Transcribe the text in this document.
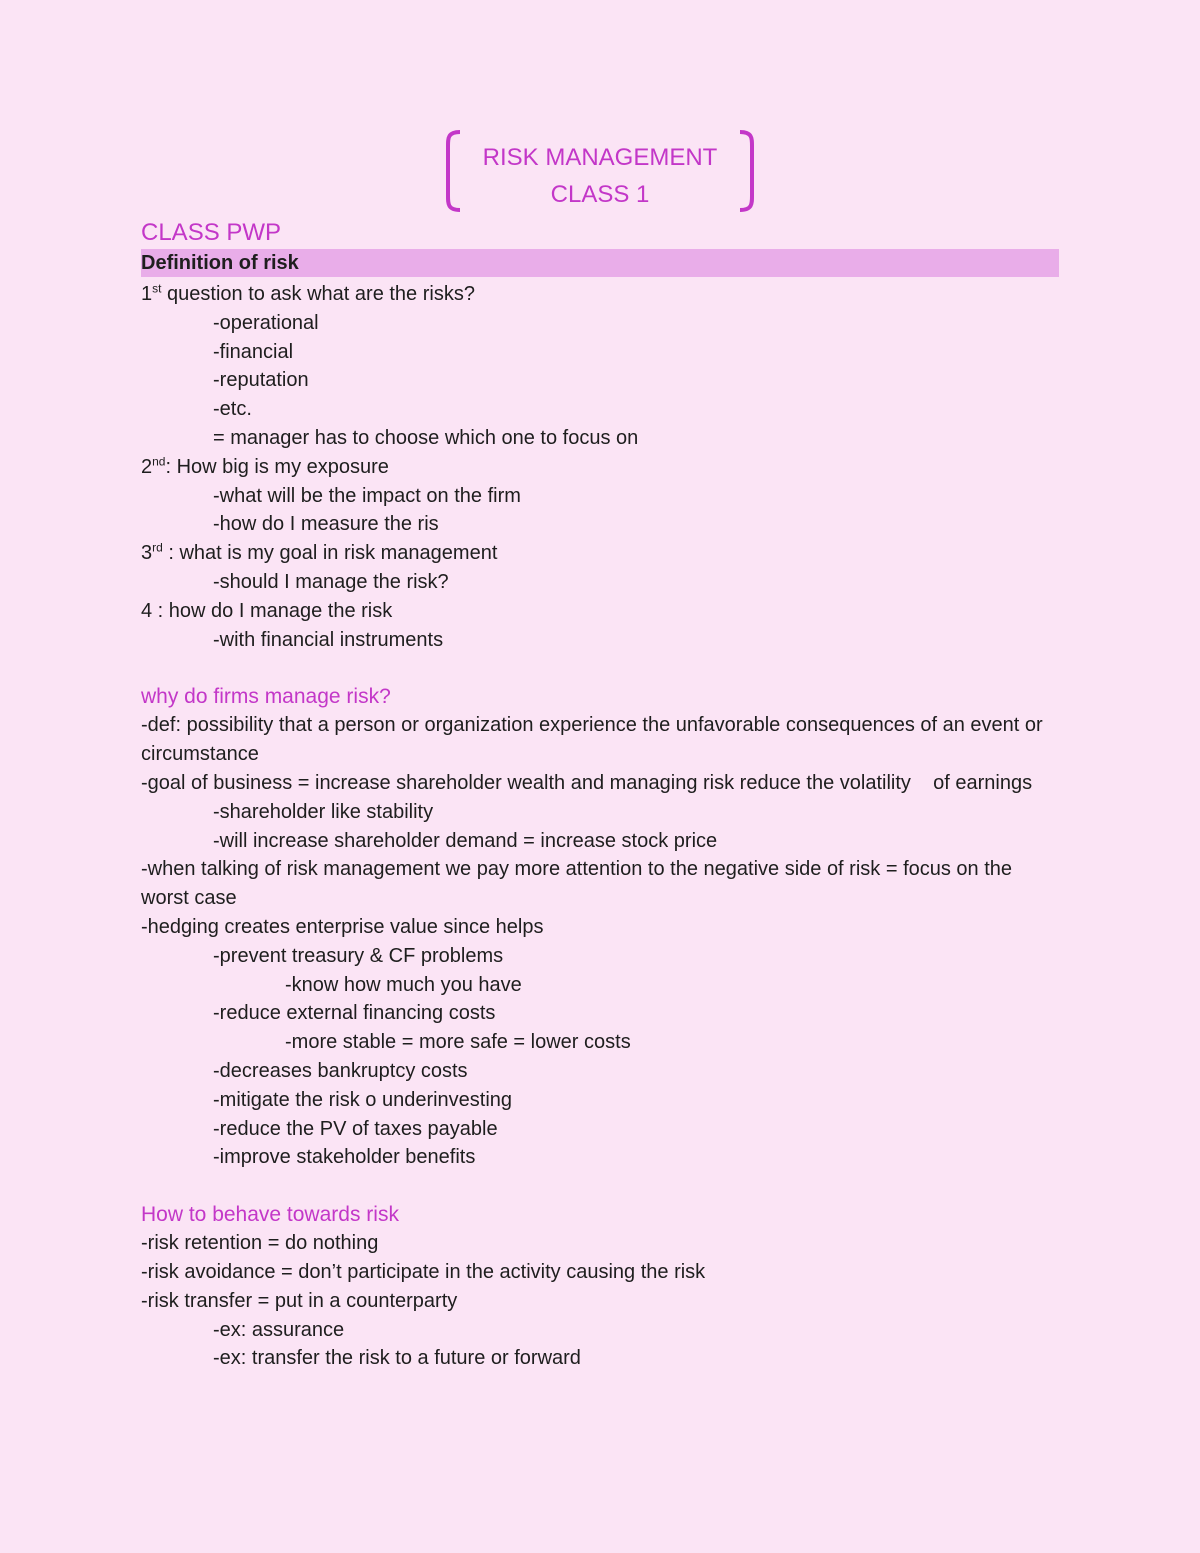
RISK MANAGEMENT
CLASS 1
CLASS PWP
Definition of risk
1st question to ask what are the risks?
-operational
-financial
-reputation
-etc.
= manager has to choose which one to focus on
2nd: How big is my exposure
-what will be the impact on the firm
-how do I measure the ris
3rd : what is my goal in risk management
-should I manage the risk?
4 : how do I manage the risk
-with financial instruments
why do firms manage risk?
-def: possibility that a person or organization experience the unfavorable consequences of an event or circumstance
-goal of business = increase shareholder wealth and managing risk reduce the volatility    of earnings
-shareholder like stability
-will increase shareholder demand = increase stock price
-when talking of risk management we pay more attention to the negative side of risk = focus on the worst case
-hedging creates enterprise value since helps
-prevent treasury & CF problems
-know how much you have
-reduce external financing costs
-more stable = more safe = lower costs
-decreases bankruptcy costs
-mitigate the risk o underinvesting
-reduce the PV of taxes payable
-improve stakeholder benefits
How to behave towards risk
-risk retention = do nothing
-risk avoidance = don’t participate in the activity causing the risk
-risk transfer = put in a counterparty
-ex: assurance
-ex: transfer the risk to a future or forward
